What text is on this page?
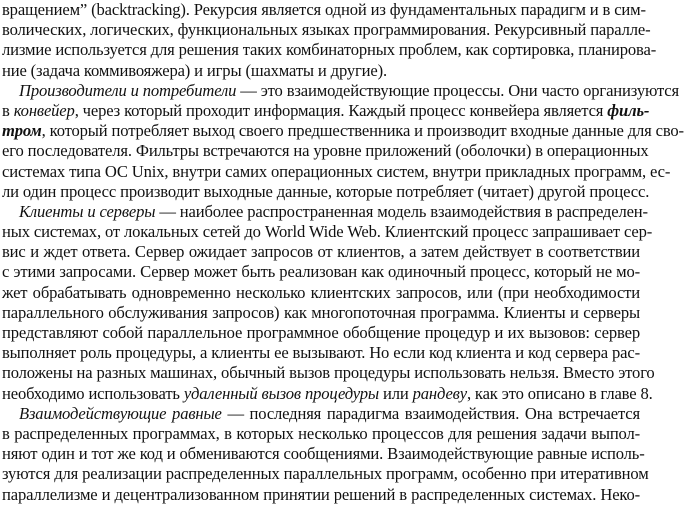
вращением” (backtracking). Рекурсия является одной из фундаментальных парадигм и в сим-
волических, логических, функциональных языках программирования. Рекурсивный паралле-
лизмие используется для решения таких комбинаторных проблем, как сортировка, планирова-
ние (задача коммивояжера) и игры (шахматы и другие).
Производители и потребители — это взаимодействующие процессы. Они часто организуются
в конвейер, через который проходит информация. Каждый процесс конвейера является филь-
тром, который потребляет выход своего предшественника и производит входные данные для сво-
его последователя. Фильтры встречаются на уровне приложений (оболочки) в операционных
системах типа ОС Unix, внутри самих операционных систем, внутри прикладных программ, ес-
ли один процесс производит выходные данные, которые потребляет (читает) другой процесс.
Клиенты и серверы — наиболее распространенная модель взаимодействия в распределен-
ных системах, от локальных сетей до World Wide Web. Клиентский процесс запрашивает сер-
вис и ждет ответа. Сервер ожидает запросов от клиентов, а затем действует в соответствии
с этими запросами. Сервер может быть реализован как одиночный процесс, который не мо-
жет обрабатывать одновременно несколько клиентских запросов, или (при необходимости
параллельного обслуживания запросов) как многопоточная программа. Клиенты и серверы
представляют собой параллельное программное обобщение процедур и их вызовов: сервер
выполняет роль процедуры, а клиенты ее вызывают. Но если код клиента и код сервера рас-
положены на разных машинах, обычный вызов процедуры использовать нельзя. Вместо этого
необходимо использовать удаленный вызов процедуры или рандеву, как это описано в главе 8.
Взаимодействующие равные — последняя парадигма взаимодействия. Она встречается
в распределенных программах, в которых несколько процессов для решения задачи выпол-
няют один и тот же код и обмениваются сообщениями. Взаимодействующие равные исполь-
зуются для реализации распределенных параллельных программ, особенно при итеративном
параллелизме и децентрализованном принятии решений в распределенных системах. Неко-
